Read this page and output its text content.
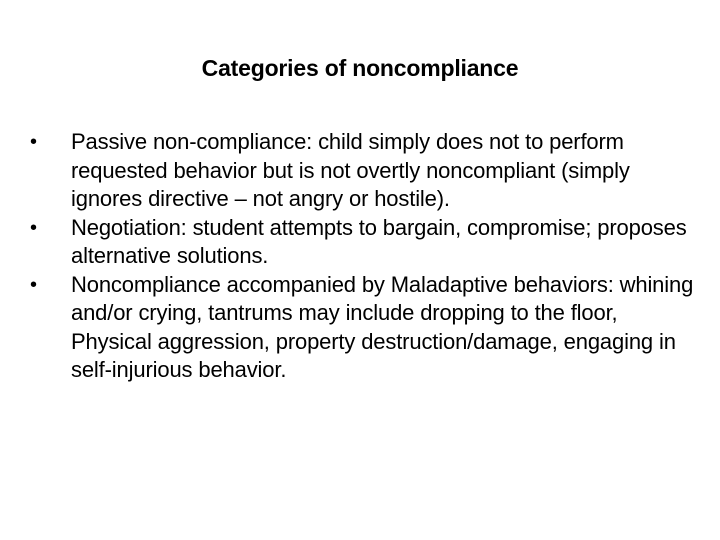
Categories of noncompliance
•	Passive non-compliance: child simply does not to perform requested behavior but is not overtly noncompliant (simply ignores directive – not angry or hostile).
•	Negotiation: student attempts to bargain, compromise; proposes alternative solutions.
•	Noncompliance accompanied by Maladaptive behaviors: whining and/or crying, tantrums may include dropping to the floor, Physical aggression, property destruction/damage, engaging in self-injurious behavior.
